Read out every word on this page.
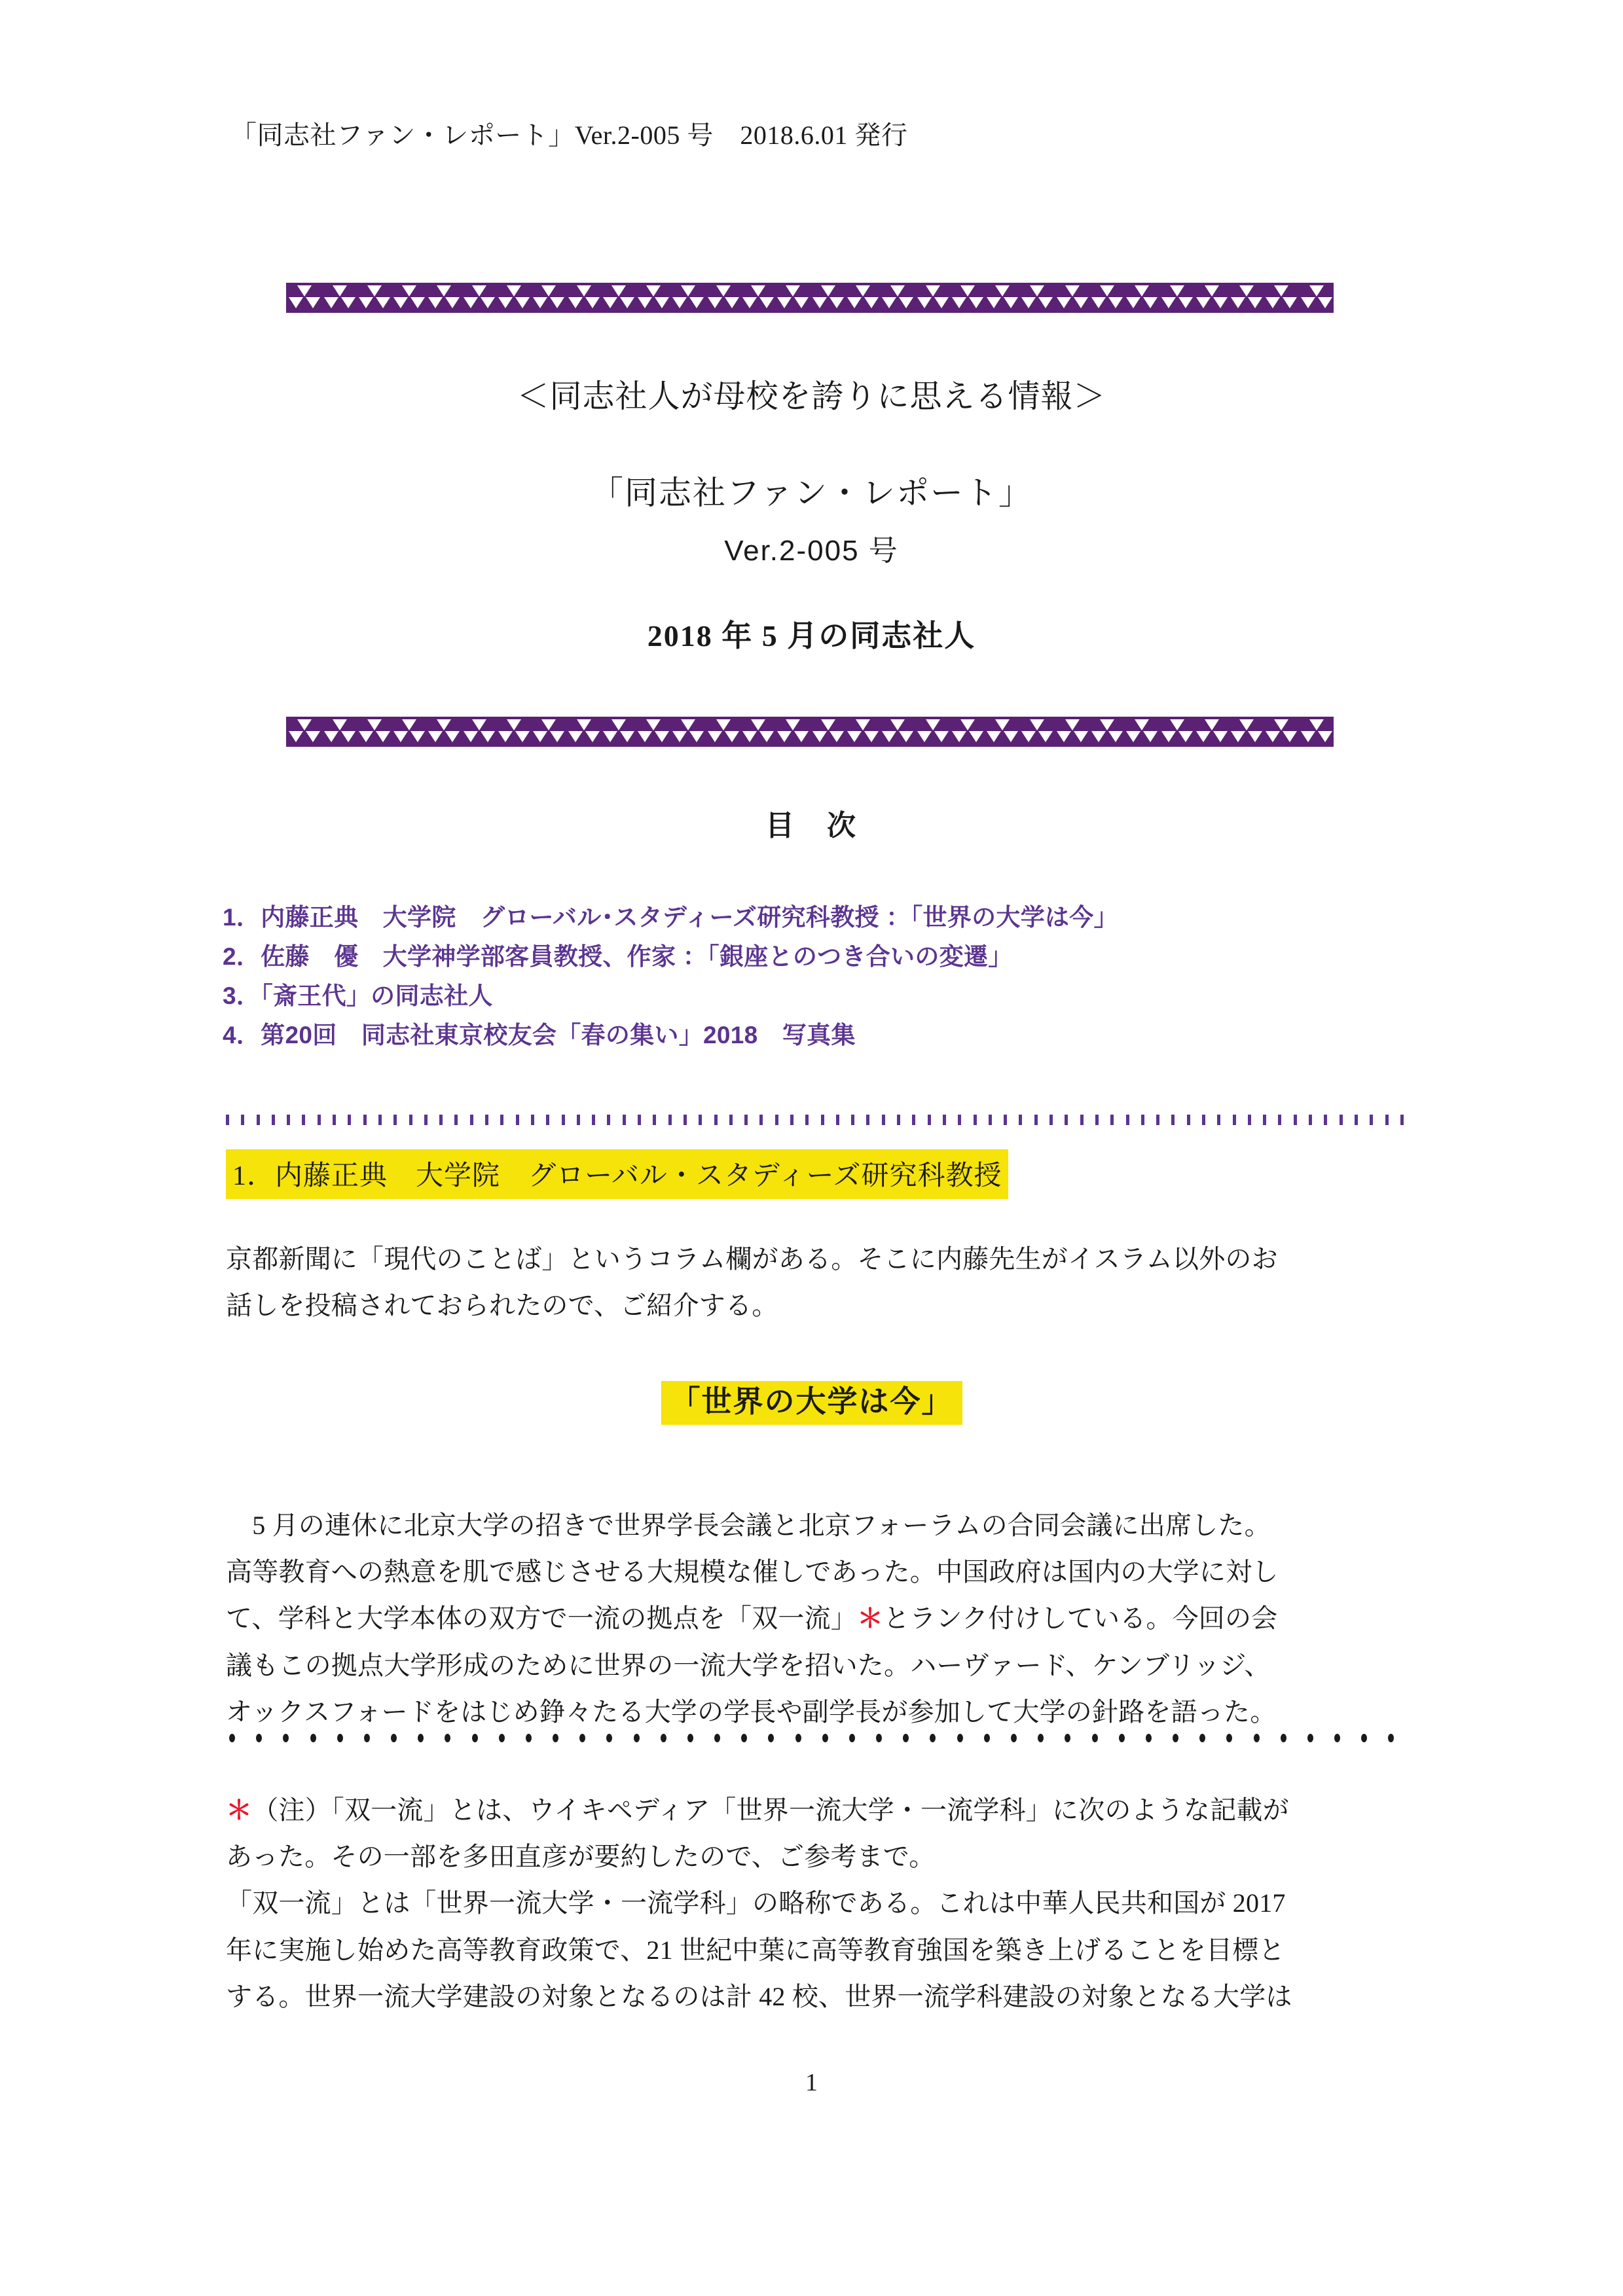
「同志社ファン・レポート」Ver.2-005 号　2018.6.01 発行
＜同志社人が母校を誇りに思える情報＞
「同志社ファン・レポート」
Ver.2-005 号
2018 年 5 月の同志社人
目　次
1．内藤正典　大学院　グローバル･スタディーズ研究科教授 ：「世界の大学は今」
2．佐藤　優　大学神学部客員教授、作家 ：「銀座とのつき合いの変遷」
3．「斎王代」の同志社人
4．第20回　同志社東京校友会「春の集い」2018　写真集
1．内藤正典　大学院　グローバル・スタディーズ研究科教授
京都新聞に「現代のことば」というコラム欄がある。そこに内藤先生がイスラム以外のお
話しを投稿されておられたので、ご紹介する。
「世界の大学は今」
　5 月の連休に北京大学の招きで世界学長会議と北京フォーラムの合同会議に出席した。
高等教育への熱意を肌で感じさせる大規模な催しであった。中国政府は国内の大学に対し
て、学科と大学本体の双方で一流の拠点を「双一流」＊とランク付けしている。今回の会
議もこの拠点大学形成のために世界の一流大学を招いた。ハーヴァード、ケンブリッジ、
オックスフォードをはじめ錚々たる大学の学長や副学長が参加して大学の針路を語った。
＊（注）「双一流」とは、ウイキペディア「世界一流大学・一流学科」に次のような記載が
あった。その一部を多田直彦が要約したので、ご参考まで。
「双一流」とは「世界一流大学・一流学科」の略称である。これは中華人民共和国が 2017
年に実施し始めた高等教育政策で、21 世紀中葉に高等教育強国を築き上げることを目標と
する。世界一流大学建設の対象となるのは計 42 校、世界一流学科建設の対象となる大学は
1
